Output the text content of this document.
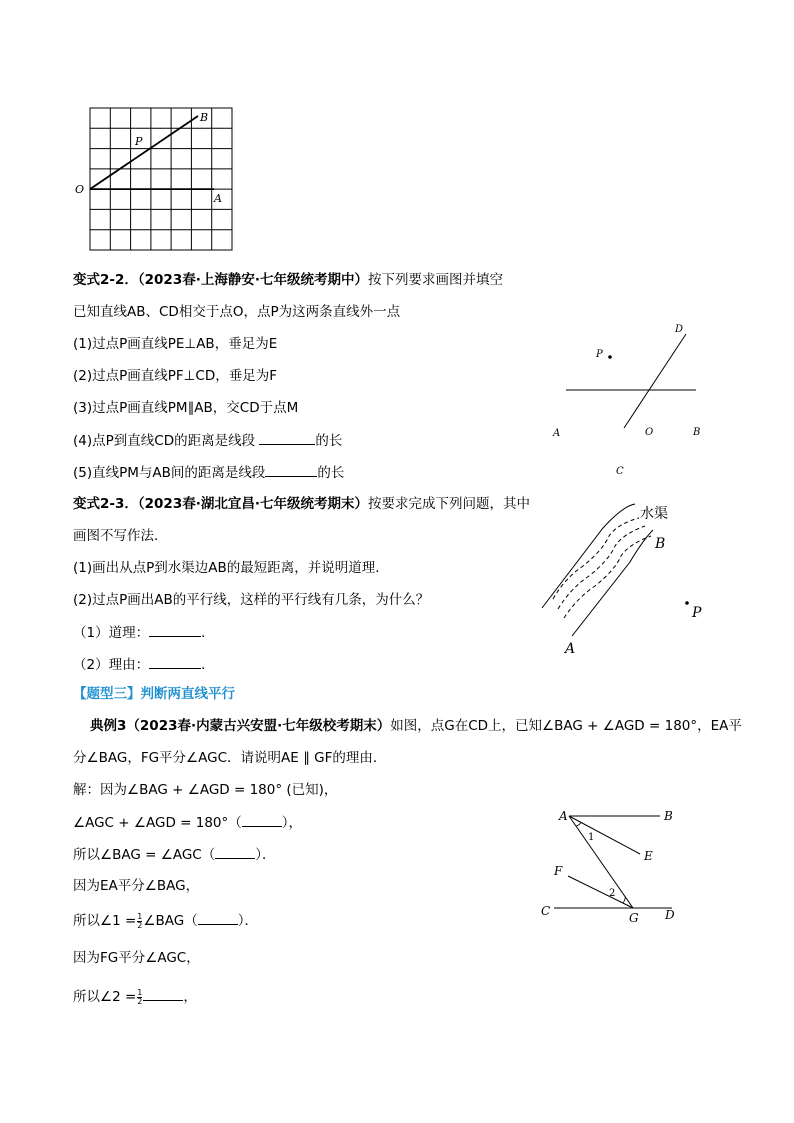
B
P
O
A
变式2-2．（2023春·上海静安·七年级统考期中）按下列要求画图并填空
已知直线AB、CD相交于点O，点P为这两条直线外一点
(1)过点P画直线PE⊥AB，垂足为E
(2)过点P画直线PF⊥CD，垂足为F
(3)过点P画直线PM∥AB，交CD于点M
(4)点P到直线CD的距离是线段	的长
(5)直线PM与AB间的距离是线段	的长
D
P
A	O	B
C
变式2-3．（2023春·湖北宜昌·七年级统考期末）按要求完成下列问题，其中
画图不写作法．
(1)画出从点P到水渠边AB的最短距离，并说明道理．
(2)过点P画出AB的平行线，这样的平行线有几条，为什么？
（1）道理：	．
（2）理由：	．
水渠
B
P
A
【题型三】判断两直线平行
典例3（2023春·内蒙古兴安盟·七年级校考期末）如图，点G在CD上，已知∠BAG + ∠AGD = 180°，EA平
分∠BAG，FG平分∠AGC．请说明AE ∥ GF的理由．
解：因为∠BAG + ∠AGD = 180° (已知)，
∠AGC + ∠AGD = 180°（	），
所以∠BAG = ∠AGC（	）．
因为EA平分∠BAG，
所以∠1 = $\frac{1}{2}$ ∠BAG（	）．
因为FG平分∠AGC，
所以∠2 = $\frac{1}{2}$	，
A	B
1
E
F
2
C	G D
